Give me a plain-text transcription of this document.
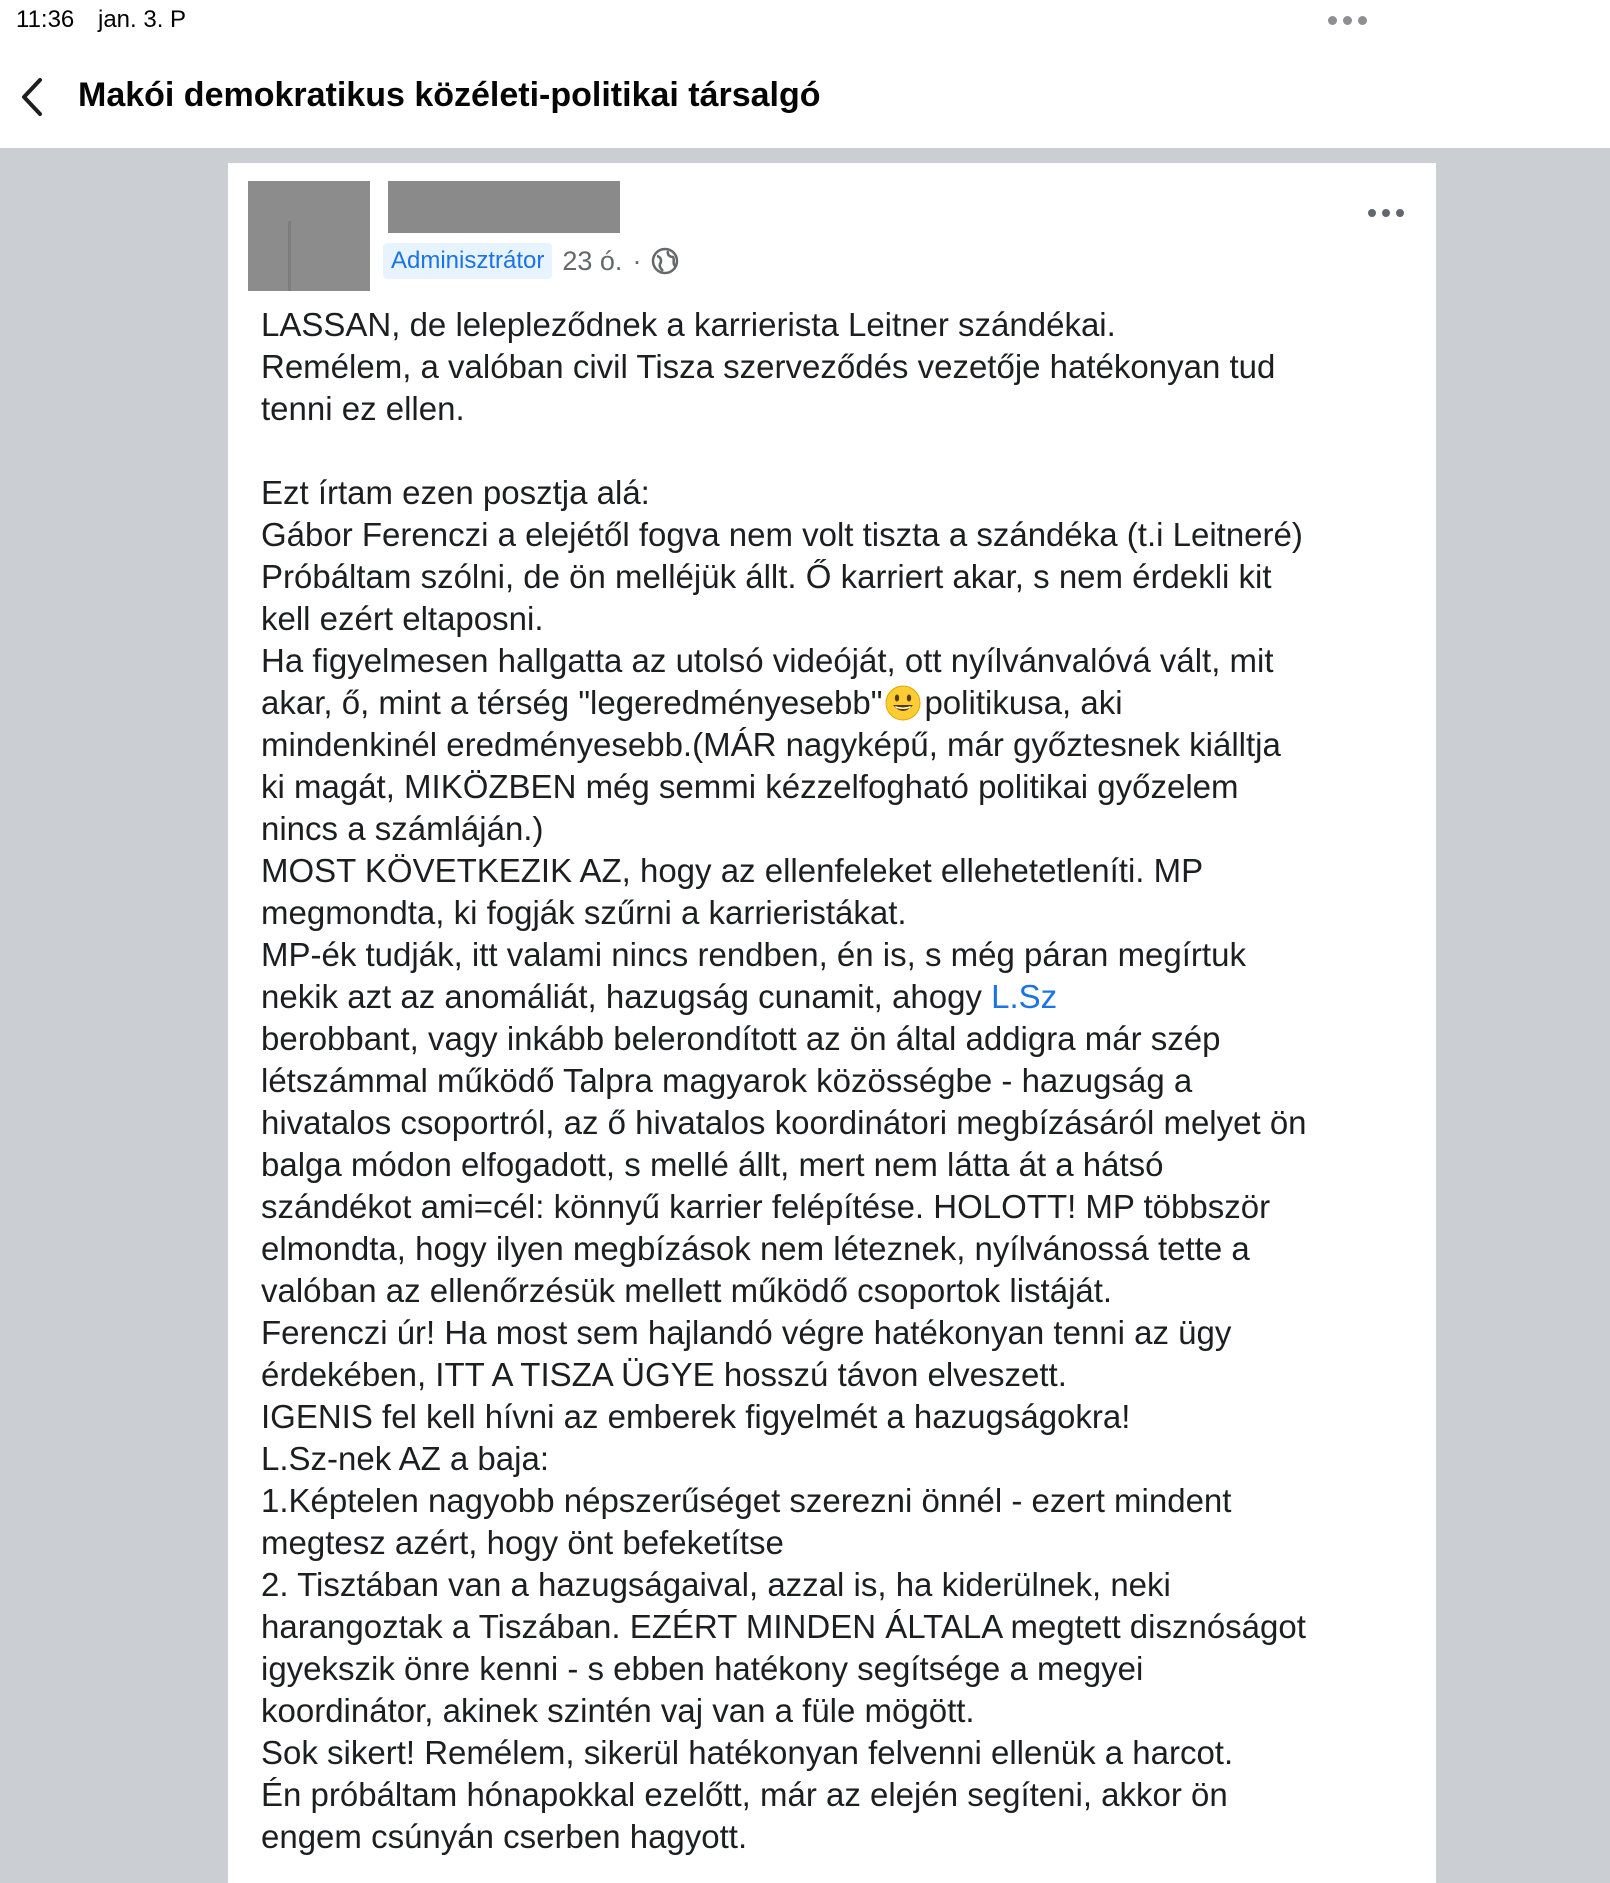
11:36 jan. 3. P
Makói demokratikus közéleti-politikai társalgó
Adminisztrátor 23 ó. ·
LASSAN, de lelepleződnek a karrierista Leitner szándékai.
Remélem, a valóban civil Tisza szerveződés vezetője hatékonyan tud
tenni ez ellen.
Ezt írtam ezen posztja alá:
Gábor Ferenczi a elejétől fogva nem volt tiszta a szándéka (t.i Leitneré)
Próbáltam szólni, de ön melléjük állt. Ő karriert akar, s nem érdekli kit
kell ezért eltaposni.
Ha figyelmesen hallgatta az utolsó videóját, ott nyílvánvalóvá vált, mit
akar, ő, mint a térség "legeredményesebb" politikusa, aki
mindenkinél eredményesebb.(MÁR nagyképű, már győztesnek kiálltja
ki magát, MIKÖZBEN még semmi kézzelfogható politikai győzelem
nincs a számláján.)
MOST KÖVETKEZIK AZ, hogy az ellenfeleket ellehetetleníti. MP
megmondta, ki fogják szűrni a karrieristákat.
MP-ék tudják, itt valami nincs rendben, én is, s még páran megírtuk
nekik azt az anomáliát, hazugság cunamit, ahogy L.Sz
berobbant, vagy inkább belerondított az ön által addigra már szép
létszámmal működő Talpra magyarok közösségbe - hazugság a
hivatalos csoportról, az ő hivatalos koordinátori megbízásáról melyet ön
balga módon elfogadott, s mellé állt, mert nem látta át a hátsó
szándékot ami=cél: könnyű karrier felépítése. HOLOTT! MP többször
elmondta, hogy ilyen megbízások nem léteznek, nyílvánossá tette a
valóban az ellenőrzésük mellett működő csoportok listáját.
Ferenczi úr! Ha most sem hajlandó végre hatékonyan tenni az ügy
érdekében, ITT A TISZA ÜGYE hosszú távon elveszett.
IGENIS fel kell hívni az emberek figyelmét a hazugságokra!
L.Sz-nek AZ a baja:
1.Képtelen nagyobb népszerűséget szerezni önnél - ezert mindent
megtesz azért, hogy önt befeketítse
2. Tisztában van a hazugságaival, azzal is, ha kiderülnek, neki
harangoztak a Tiszában. EZÉRT MINDEN ÁLTALA megtett disznóságot
igyekszik önre kenni - s ebben hatékony segítsége a megyei
koordinátor, akinek szintén vaj van a füle mögött.
Sok sikert! Remélem, sikerül hatékonyan felvenni ellenük a harcot.
Én próbáltam hónapokkal ezelőtt, már az elején segíteni, akkor ön
engem csúnyán cserben hagyott.
